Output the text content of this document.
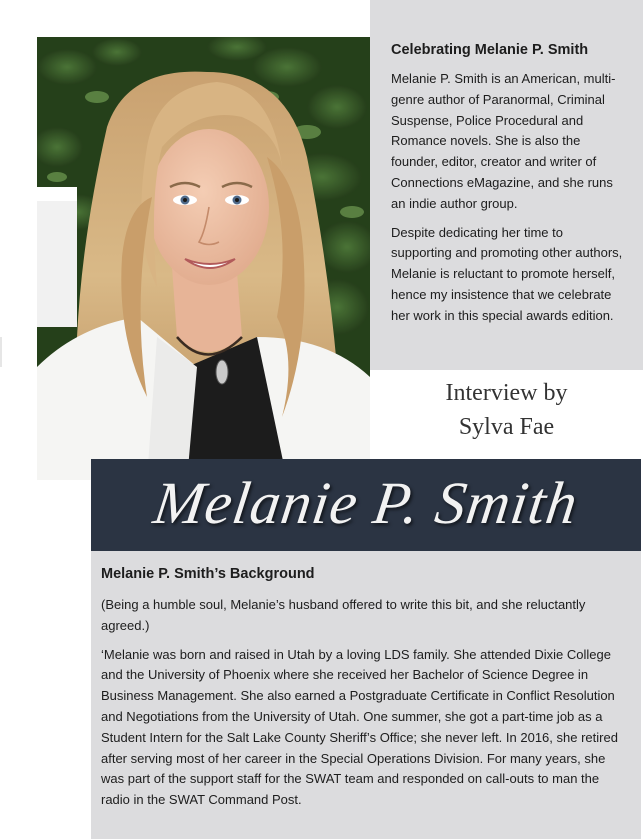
Celebrating Melanie P. Smith

Melanie P. Smith is an American, multi-genre author of Paranormal, Criminal Suspense, Police Procedural and Romance novels. She is also the founder, editor, creator and writer of Connections eMagazine, and she runs an indie author group.

Despite dedicating her time to supporting and promoting other authors, Melanie is reluctant to promote herself, hence my insistence that we celebrate her work in this special awards edition.

Interview by
Sylva Fae
Melanie P. Smith
Melanie P. Smith’s Background

(Being a humble soul, Melanie’s husband offered to write this bit, and she reluctantly agreed.)

‘Melanie was born and raised in Utah by a loving LDS family. She attended Dixie College and the University of Phoenix where she received her Bachelor of Science Degree in Business Management. She also earned a Postgraduate Certificate in Conflict Resolution and Negotiations from the University of Utah. One summer, she got a part-time job as a Student Intern for the Salt Lake County Sheriff’s Office; she never left. In 2016, she retired after serving most of her career in the Special Operations Division. For many years, she was part of the support staff for the SWAT team and responded on call-outs to man the radio in the SWAT Command Post.
